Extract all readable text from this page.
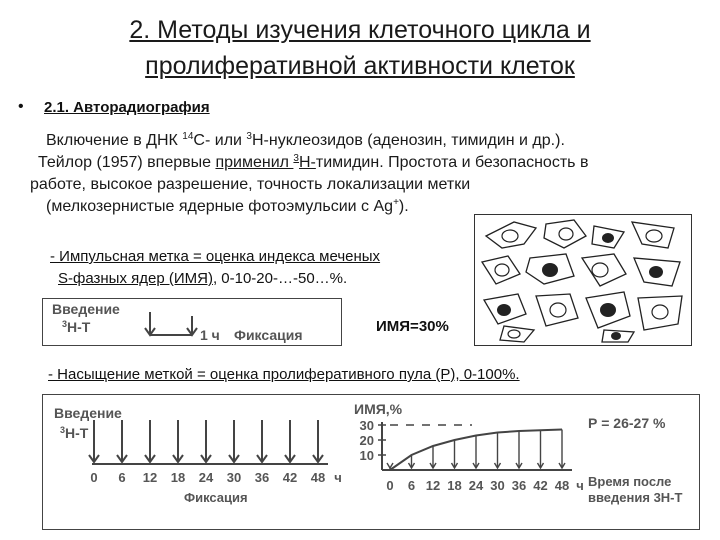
2. Методы изучения клеточного цикла и
пролиферативной активности клеток
• 2.1. Авторадиография
Включение в ДНК $^{14}$С- или $^3$Н-нуклеозидов (аденозин, тимидин и др.).
Тейлор (1957) впервые применил $^3$Н-тимидин. Простота и безопасность в
работе, высокое разрешение, точность локализации метки
(мелкозернистые ядерные фотоэмульсии с Ag+).
- Импульсная метка = оценка индекса меченых
S-фазных ядер (ИМЯ), 0-10-20-…-50…%.
Введение
$^3$Н-Т	1 ч Фиксация	ИМЯ=30%
- Насыщение меткой = оценка пролиферативного пула (Р), 0-100%.
Введение
$^3$Н-Т
0 6 12 18 24 30 36 42 48 ч
Фиксация
ИМЯ,%
30
20
10
0 6 12 18 24 30 36 42 48 ч
Р = 26-27 %
Время после
введения 3Н-Т
